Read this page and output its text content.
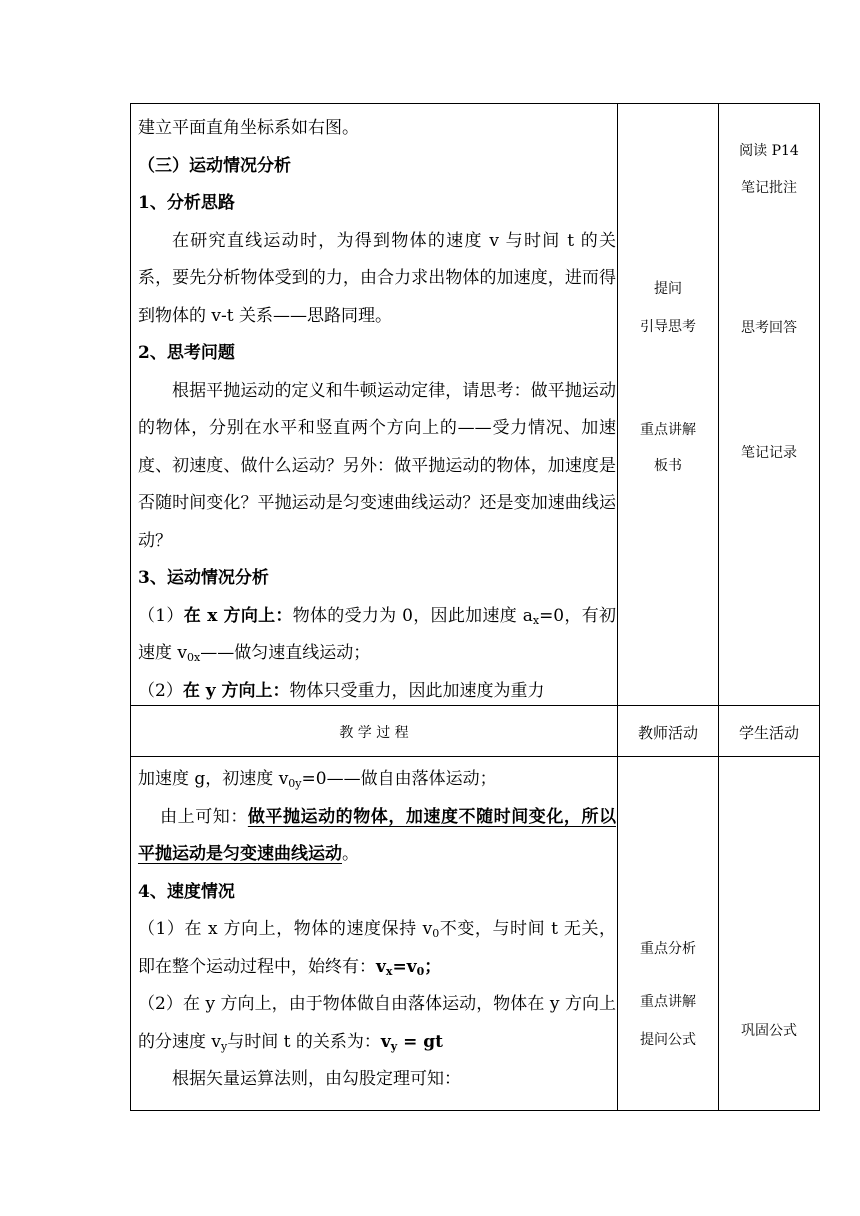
建立平面直角坐标系如右图。

（三）运动情况分析

1、分析思路

在研究直线运动时，为得到物体的速度 v 与时间 t 的关系，要先分析物体受到的力，由合力求出物体的加速度，进而得到物体的 v-t 关系——思路同理。

2、思考问题

根据平抛运动的定义和牛顿运动定律，请思考：做平抛运动的物体，分别在水平和竖直两个方向上的——受力情况、加速度、初速度、做什么运动？另外：做平抛运动的物体，加速度是否随时间变化？平抛运动是匀变速曲线运动？还是变加速曲线运动？

3、运动情况分析

（1）在 x 方向上：物体的受力为 0，因此加速度 $a_x=0$，有初速度 $v_{0x}——$做匀速直线运动；

（2）在 y 方向上：物体只受重力，因此加速度为重力

提问
引导思考
重点讲解
板书
阅读 P14
笔记批注
思考回答
笔记记录
教 学 过 程	教师活动	学生活动

加速度 g，初速度 $v_{0y}=0——$做自由落体运动；

由上可知：做平抛运动的物体，加速度不随时间变化，所以平抛运动是匀变速曲线运动。

4、速度情况

（1）在 x 方向上，物体的速度保持 $v_0$不变，与时间 t 无关，即在整个运动过程中，始终有：$v_x=v_0$；

（2）在 y 方向上，由于物体做自由落体运动，物体在 y 方向上的分速度 $v_y$与时间 t 的关系为：$v_y$ = gt

根据矢量运算法则，由勾股定理可知：

重点分析
重点讲解
提问公式
巩固公式
